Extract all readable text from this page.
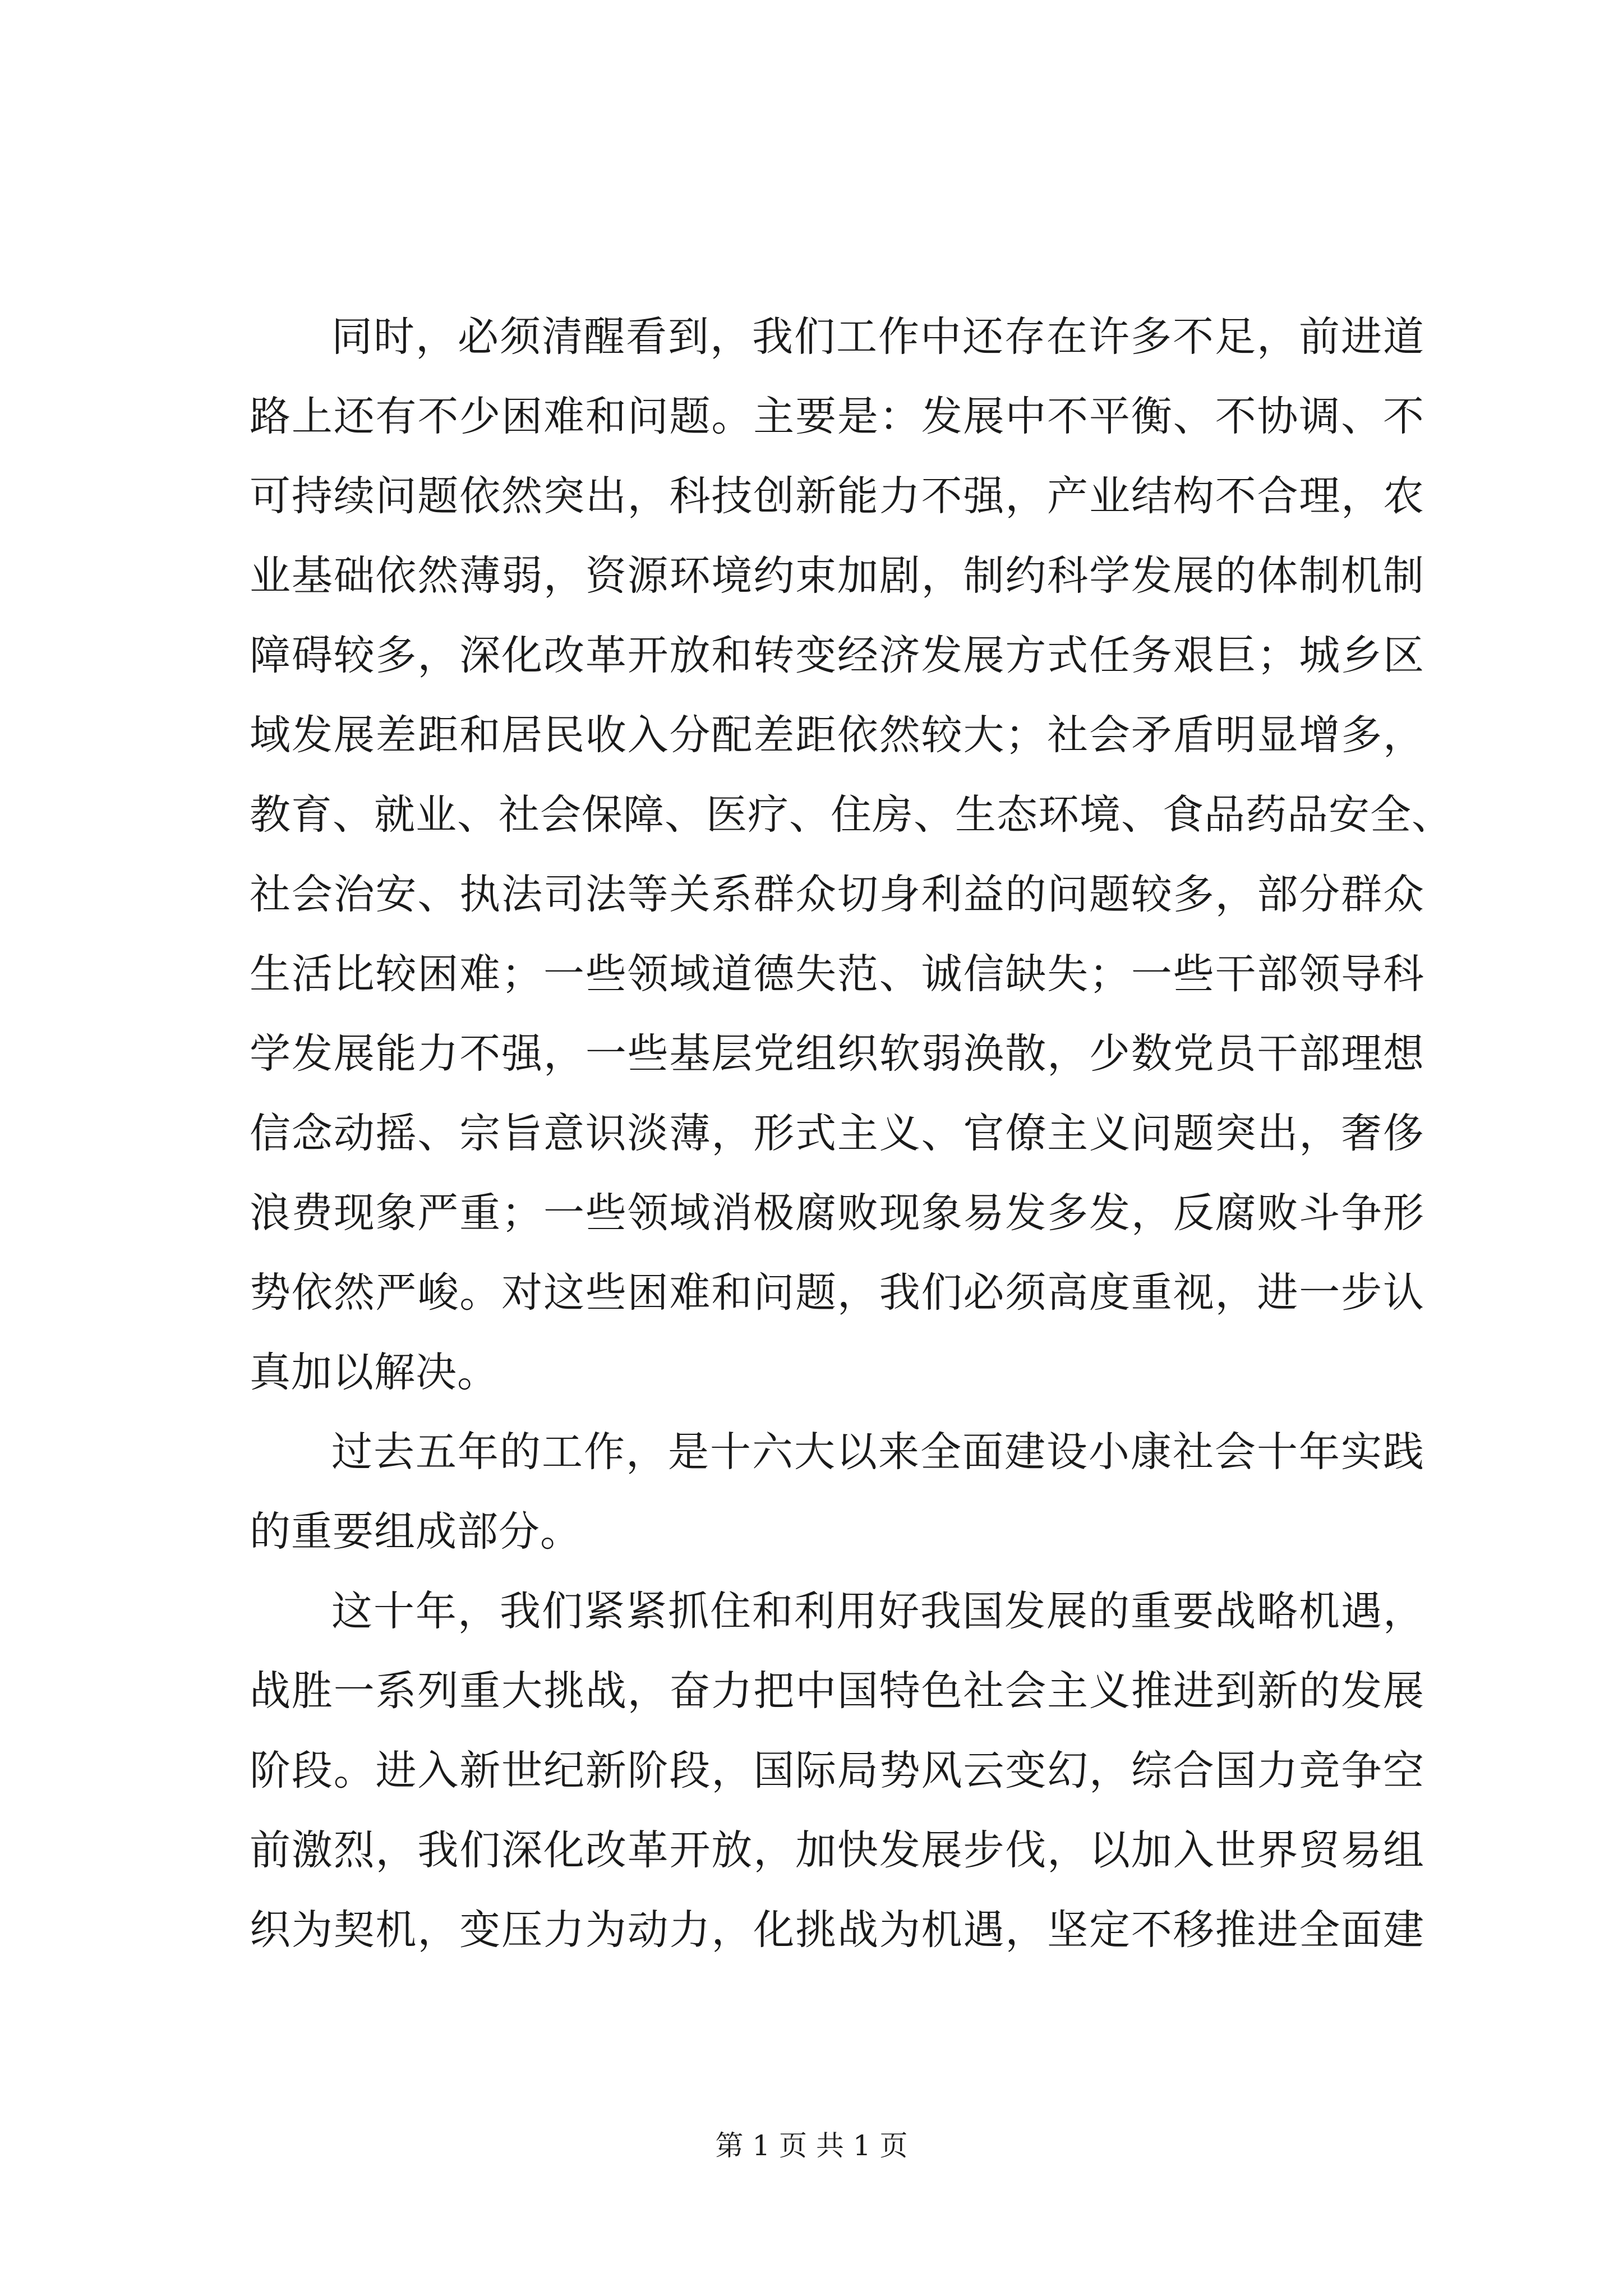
同时，必须清醒看到，我们工作中还存在许多不足，前进道
路上还有不少困难和问题。主要是：发展中不平衡、不协调、不
可持续问题依然突出，科技创新能力不强，产业结构不合理，农
业基础依然薄弱，资源环境约束加剧，制约科学发展的体制机制
障碍较多，深化改革开放和转变经济发展方式任务艰巨；城乡区
域发展差距和居民收入分配差距依然较大；社会矛盾明显增多，
教育、就业、社会保障、医疗、住房、生态环境、食品药品安全、
社会治安、执法司法等关系群众切身利益的问题较多，部分群众
生活比较困难；一些领域道德失范、诚信缺失；一些干部领导科
学发展能力不强，一些基层党组织软弱涣散，少数党员干部理想
信念动摇、宗旨意识淡薄，形式主义、官僚主义问题突出，奢侈
浪费现象严重；一些领域消极腐败现象易发多发，反腐败斗争形
势依然严峻。对这些困难和问题，我们必须高度重视，进一步认
真加以解决。
过去五年的工作，是十六大以来全面建设小康社会十年实践
的重要组成部分。
这十年，我们紧紧抓住和利用好我国发展的重要战略机遇，
战胜一系列重大挑战，奋力把中国特色社会主义推进到新的发展
阶段。进入新世纪新阶段，国际局势风云变幻，综合国力竞争空
前激烈，我们深化改革开放，加快发展步伐，以加入世界贸易组
织为契机，变压力为动力，化挑战为机遇，坚定不移推进全面建
第 1 页 共 1 页
